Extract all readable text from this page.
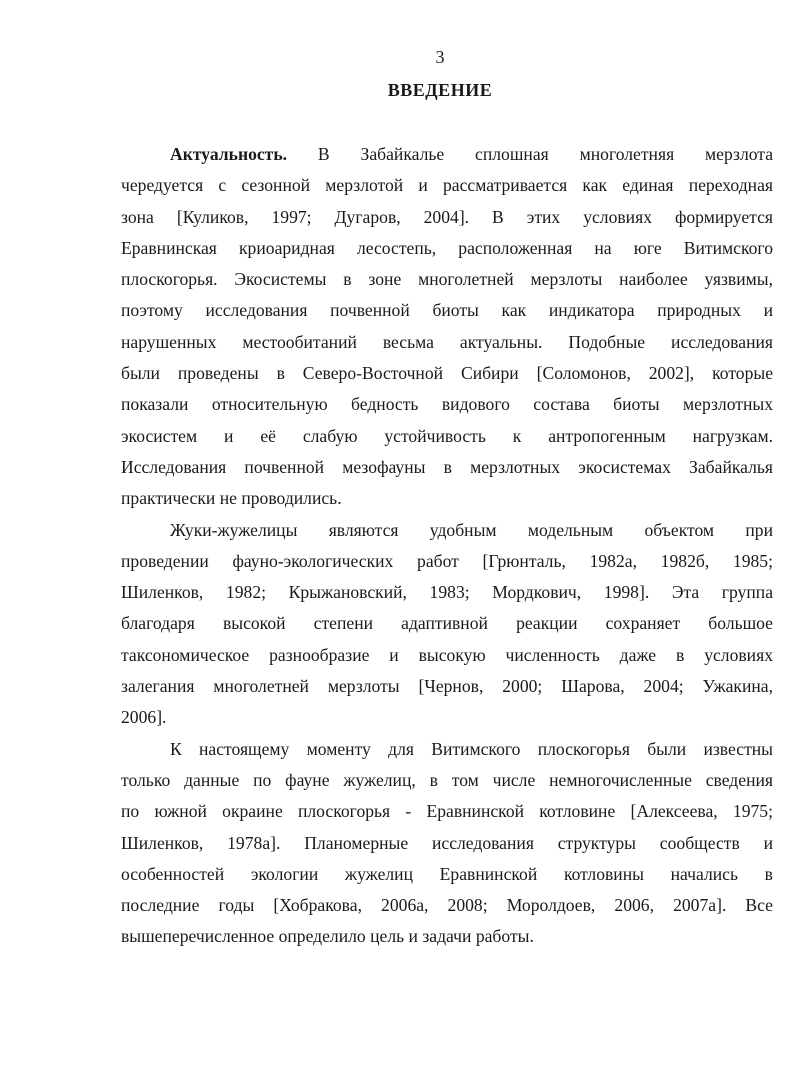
3
ВВЕДЕНИЕ
Актуальность. В Забайкалье сплошная многолетняя мерзлота
чередуется с сезонной мерзлотой и рассматривается как единая переходная
зона [Куликов, 1997; Дугаров, 2004]. В этих условиях формируется
Еравнинская криоаридная лесостепь, расположенная на юге Витимского
плоскогорья. Экосистемы в зоне многолетней мерзлоты наиболее уязвимы,
поэтому исследования почвенной биоты как индикатора природных и
нарушенных местообитаний весьма актуальны. Подобные исследования
были проведены в Северо-Восточной Сибири [Соломонов, 2002], которые
показали относительную бедность видового состава биоты мерзлотных
экосистем и её слабую устойчивость к антропогенным нагрузкам.
Исследования почвенной мезофауны в мерзлотных экосистемах Забайкалья
практически не проводились.
Жуки-жужелицы являются удобным модельным объектом при
проведении фауно-экологических работ [Грюнталь, 1982а, 1982б, 1985;
Шиленков, 1982; Крыжановский, 1983; Мордкович, 1998]. Эта группа
благодаря высокой степени адаптивной реакции сохраняет большое
таксономическое разнообразие и высокую численность даже в условиях
залегания многолетней мерзлоты [Чернов, 2000; Шарова, 2004; Ужакина,
2006].
К настоящему моменту для Витимского плоскогорья были известны
только данные по фауне жужелиц, в том числе немногочисленные сведения
по южной окраине плоскогорья - Еравнинской котловине [Алексеева, 1975;
Шиленков, 1978а]. Планомерные исследования структуры сообществ и
особенностей экологии жужелиц Еравнинской котловины начались в
последние годы [Хобракова, 2006а, 2008; Моролдоев, 2006, 2007а]. Все
вышеперечисленное определило цель и задачи работы.
